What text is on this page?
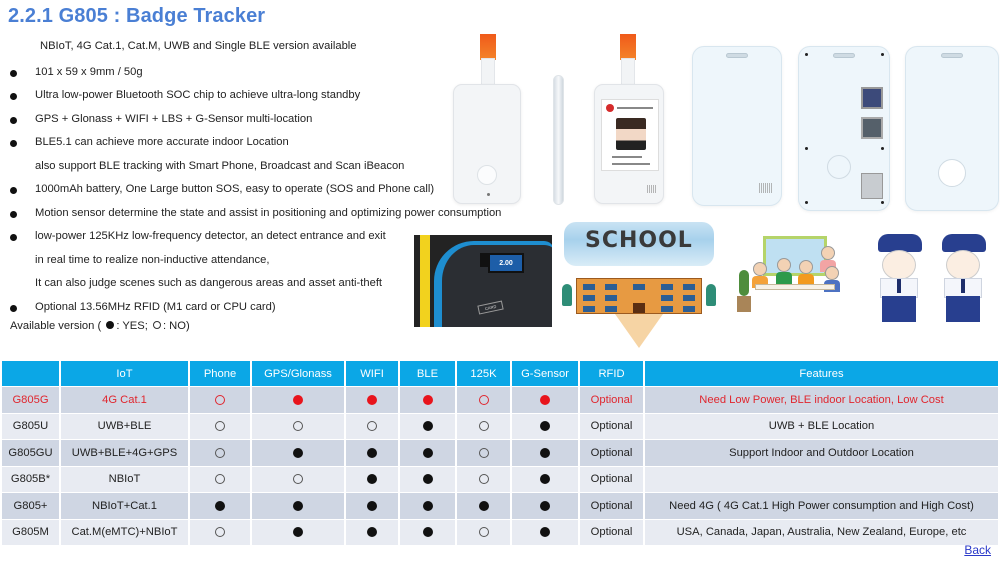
2.2.1 G805 : Badge Tracker
NBIoT, 4G Cat.1, Cat.M, UWB and Single BLE version available
101 x 59 x 9mm / 50g
Ultra low-power Bluetooth SOC chip to achieve ultra-long standby
GPS + Glonass + WIFI + LBS + G-Sensor multi-location
BLE5.1 can achieve more accurate indoor Location
also support BLE tracking with Smart Phone, Broadcast and Scan iBeacon
1000mAh battery, One Large button SOS, easy to operate (SOS and Phone call)
Motion sensor determine the state and assist in positioning and optimizing power consumption
low-power 125KHz low-frequency detector, an detect entrance and exit
in real time to realize non-inductive attendance,
It can also judge scenes such as dangerous areas and asset anti-theft
Optional 13.56MHz RFID (M1 card or CPU card)
Available version ( : YES; : NO)
2.00
CARD
SCHOOL
	IoT	Phone	GPS/Glonass	WIFI	BLE	125K	G-Sensor	RFID	Features
G805G	4G Cat.1							Optional	Need Low Power, BLE indoor Location, Low Cost
G805U	UWB+BLE							Optional	UWB + BLE Location
G805GU	UWB+BLE+4G+GPS							Optional	Support Indoor and Outdoor Location
G805B*	NBIoT							Optional	
G805+	NBIoT+Cat.1							Optional	Need 4G ( 4G Cat.1 High Power consumption and High Cost)
G805M	Cat.M(eMTC)+NBIoT							Optional	USA, Canada, Japan, Australia, New Zealand, Europe, etc
Back
